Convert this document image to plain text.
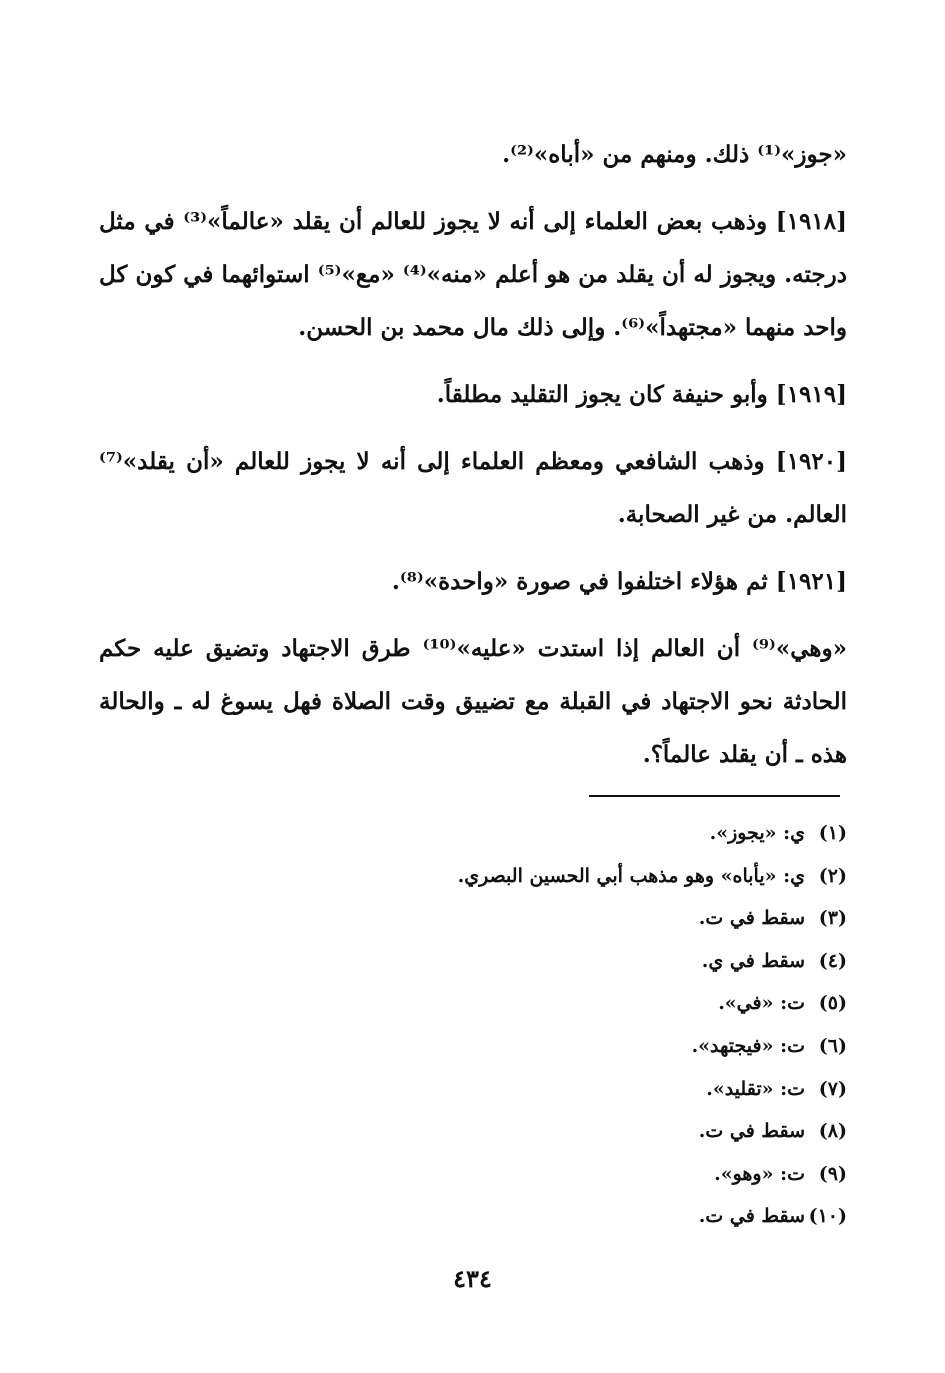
«جوز»⁽¹⁾ ذلك. ومنهم من «أباه»⁽²⁾.

[١٩١٨] وذهب بعض العلماء إلى أنه لا يجوز للعالم أن يقلد «عالماً»⁽³⁾ في مثل درجته. ويجوز له أن يقلد من هو أعلم «منه»⁽⁴⁾ «مع»⁽⁵⁾ استوائهما في كون كل واحد منهما «مجتهداً»⁽⁶⁾. وإلى ذلك مال محمد بن الحسن.

[١٩١٩] وأبو حنيفة كان يجوز التقليد مطلقاً.

[١٩٢٠] وذهب الشافعي ومعظم العلماء إلى أنه لا يجوز للعالم «أن يقلد»⁽⁷⁾ العالم. من غير الصحابة.

[١٩٢١] ثم هؤلاء اختلفوا في صورة «واحدة»⁽⁸⁾.

«وهي»⁽⁹⁾ أن العالم إذا استدت «عليه»⁽¹⁰⁾ طرق الاجتهاد وتضيق عليه حكم الحادثة نحو الاجتهاد في القبلة مع تضييق وقت الصلاة فهل يسوغ له ـ والحالة هذه ـ أن يقلد عالماً؟.

(١)
ي: «يجوز».
(٢)
ي: «يأباه» وهو مذهب أبي الحسين البصري.
(٣)
سقط في ت.
(٤)
سقط في ي.
(٥)
ت: «في».
(٦)
ت: «فيجتهد».
(٧)
ت: «تقليد».
(٨)
سقط في ت.
(٩)
ت: «وهو».
(١٠)
سقط في ت.
٤٣٤
